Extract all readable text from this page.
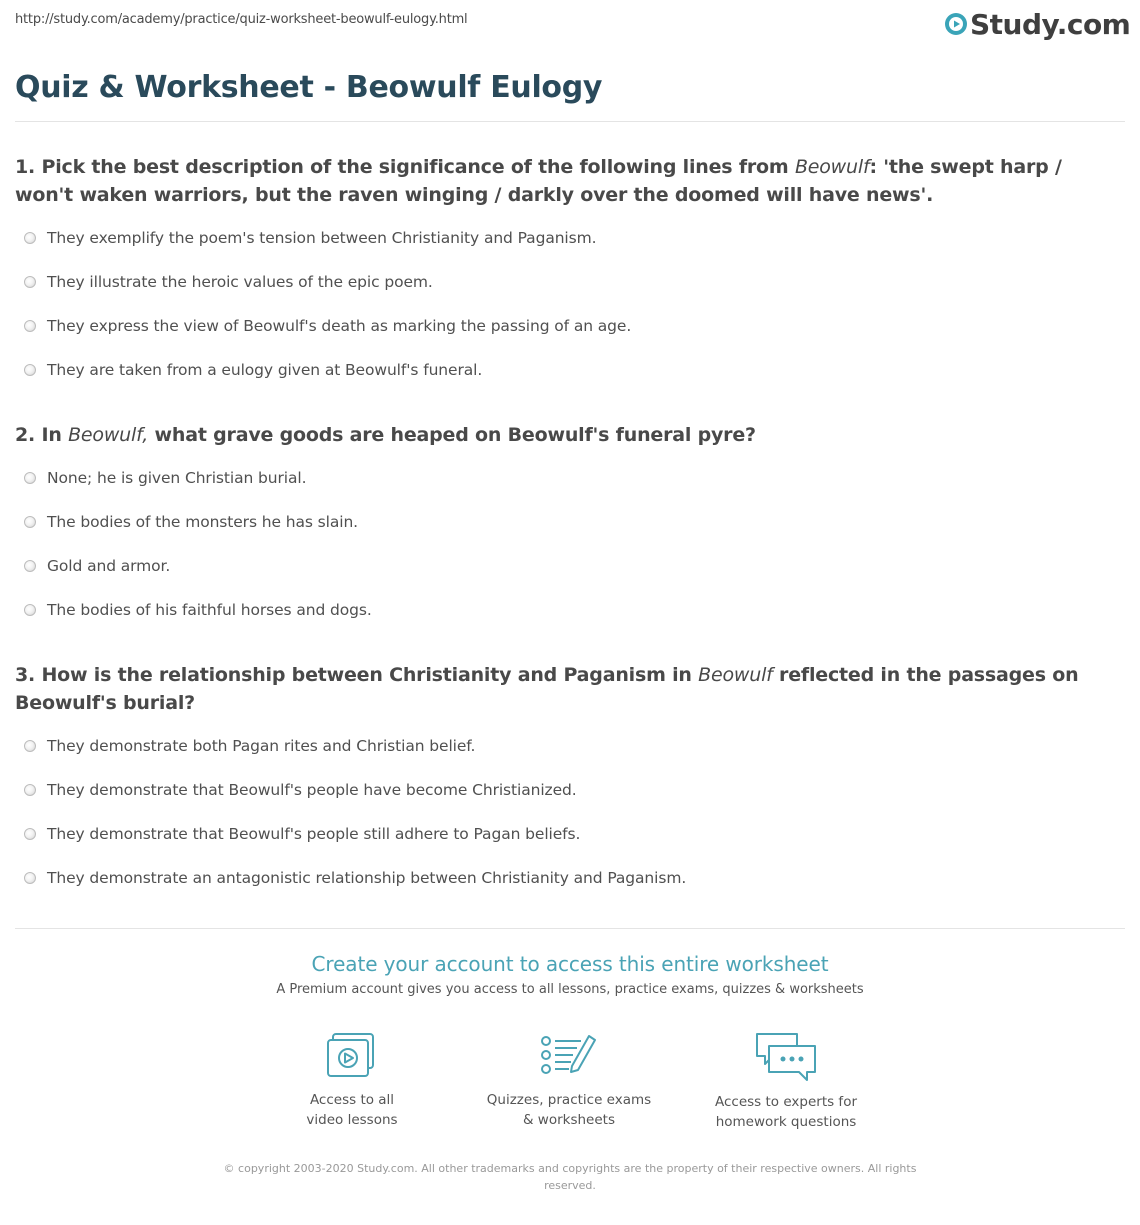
http://study.com/academy/practice/quiz-worksheet-beowulf-eulogy.html	Study.com
Quiz & Worksheet - Beowulf Eulogy

1. Pick the best description of the significance of the following lines from Beowulf: 'the swept harp / won't waken warriors, but the raven winging / darkly over the doomed will have news'.

They exemplify the poem's tension between Christianity and Paganism.
They illustrate the heroic values of the epic poem.
They express the view of Beowulf's death as marking the passing of an age.
They are taken from a eulogy given at Beowulf's funeral.

2. In Beowulf, what grave goods are heaped on Beowulf's funeral pyre?

None; he is given Christian burial.
The bodies of the monsters he has slain.
Gold and armor.
The bodies of his faithful horses and dogs.

3. How is the relationship between Christianity and Paganism in Beowulf reflected in the passages on Beowulf's burial?

They demonstrate both Pagan rites and Christian belief.
They demonstrate that Beowulf's people have become Christianized.
They demonstrate that Beowulf's people still adhere to Pagan beliefs.
They demonstrate an antagonistic relationship between Christianity and Paganism.

Create your account to access this entire worksheet

A Premium account gives you access to all lessons, practice exams, quizzes & worksheets
Access to all
video lessons
Quizzes, practice exams
& worksheets
Access to experts for
homework questions
© copyright 2003-2020 Study.com. All other trademarks and copyrights are the property of their respective owners. All rights reserved.
